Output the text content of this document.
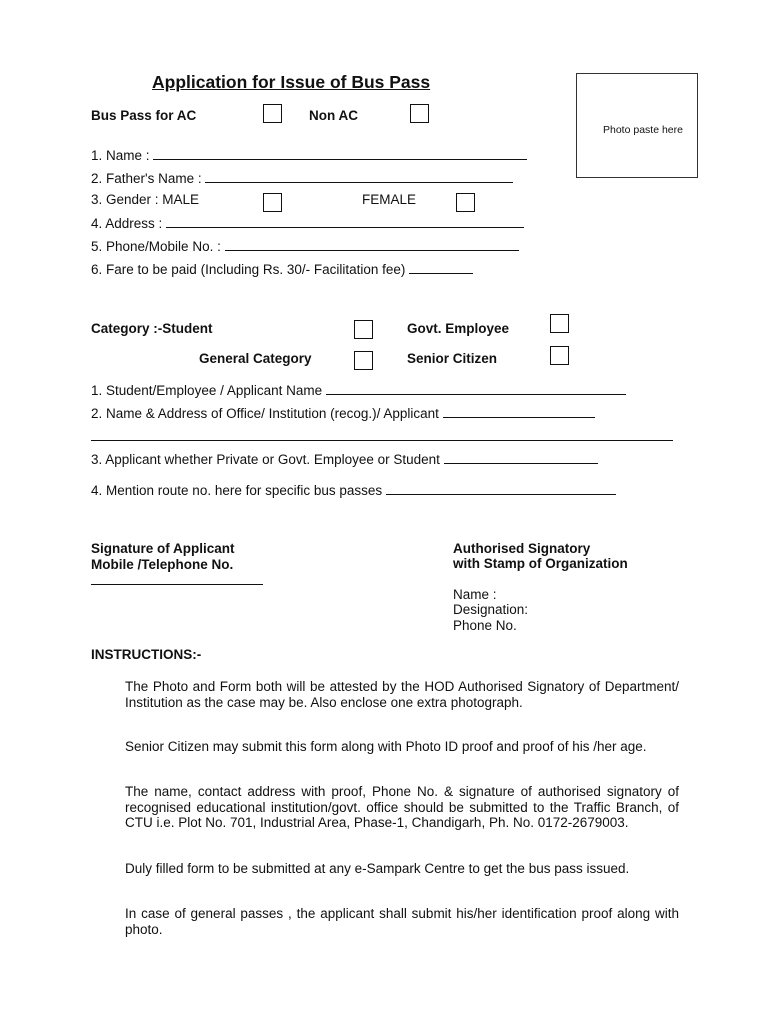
Application for Issue of Bus Pass
Photo paste here
Bus Pass for AC	Non AC
1. Name :
2. Father's Name :
3. Gender : MALE	FEMALE
4. Address :
5. Phone/Mobile No. :
6. Fare to be paid (Including Rs. 30/- Facilitation fee)
Category :-Student	Govt. Employee
General Category	Senior Citizen
1. Student/Employee / Applicant Name
2. Name & Address of Office/ Institution (recog.)/ Applicant
3. Applicant whether Private or Govt. Employee or Student
4. Mention route no. here for specific bus passes
Signature of Applicant
Mobile /Telephone No.
Authorised Signatory
with Stamp of Organization
Name :
Designation:
Phone No.
INSTRUCTIONS:-
The Photo and Form both will be attested by the HOD Authorised Signatory of Department/ Institution as the case may be. Also enclose one extra photograph.
Senior Citizen may submit this form along with Photo ID proof and proof of his /her age.
The name, contact address with proof, Phone No. & signature of authorised signatory of recognised educational institution/govt. office should be submitted to the Traffic Branch, of CTU i.e. Plot No. 701, Industrial Area, Phase-1, Chandigarh, Ph. No. 0172-2679003.
Duly filled form to be submitted at any e-Sampark Centre to get the bus pass issued.
In case of general passes , the applicant shall submit his/her identification proof along with photo.
